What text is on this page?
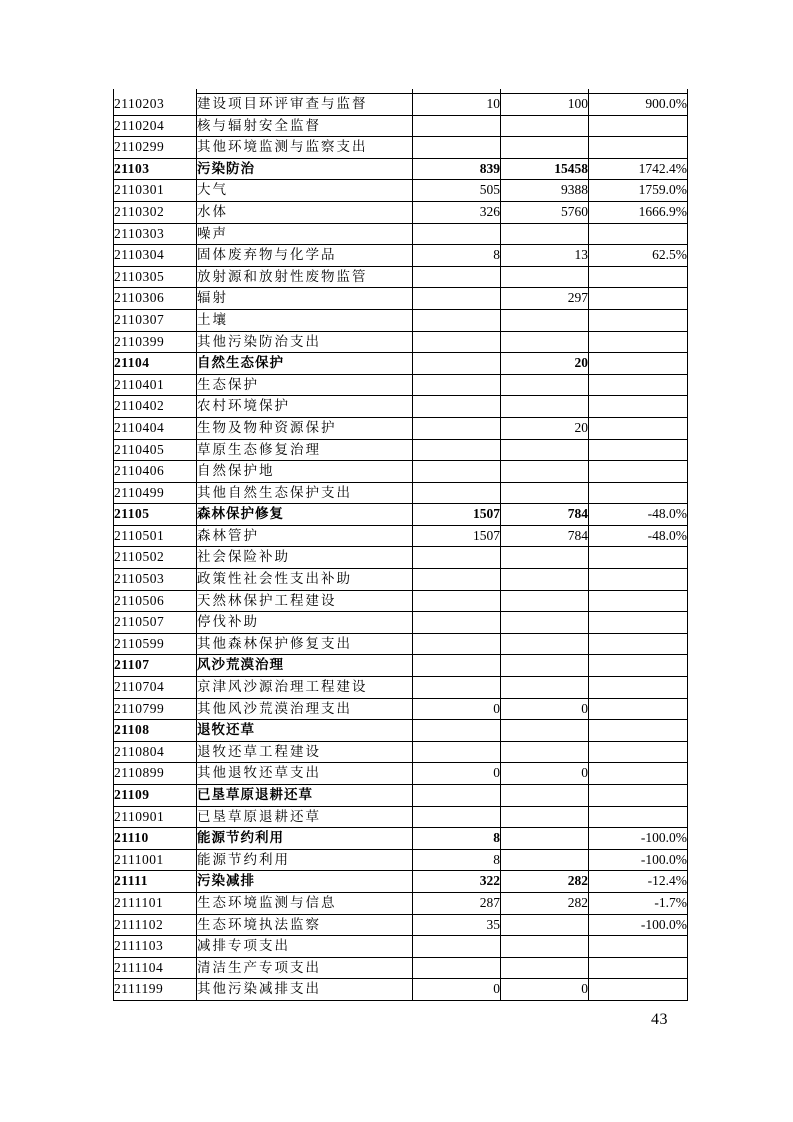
2110203	建设项目环评审查与监督	10	100	900.0%
2110204	核与辐射安全监督			
2110299	其他环境监测与监察支出			
21103	污染防治	839	15458	1742.4%
2110301	大气	505	9388	1759.0%
2110302	水体	326	5760	1666.9%
2110303	噪声			
2110304	固体废弃物与化学品	8	13	62.5%
2110305	放射源和放射性废物监管			
2110306	辐射		297	
2110307	土壤			
2110399	其他污染防治支出			
21104	自然生态保护		20	
2110401	生态保护			
2110402	农村环境保护			
2110404	生物及物种资源保护		20	
2110405	草原生态修复治理			
2110406	自然保护地			
2110499	其他自然生态保护支出			
21105	森林保护修复	1507	784	-48.0%
2110501	森林管护	1507	784	-48.0%
2110502	社会保险补助			
2110503	政策性社会性支出补助			
2110506	天然林保护工程建设			
2110507	停伐补助			
2110599	其他森林保护修复支出			
21107	风沙荒漠治理			
2110704	京津风沙源治理工程建设			
2110799	其他风沙荒漠治理支出	0	0	
21108	退牧还草			
2110804	退牧还草工程建设			
2110899	其他退牧还草支出	0	0	
21109	已垦草原退耕还草			
2110901	已垦草原退耕还草			
21110	能源节约利用	8		-100.0%
2111001	能源节约利用	8		-100.0%
21111	污染减排	322	282	-12.4%
2111101	生态环境监测与信息	287	282	-1.7%
2111102	生态环境执法监察	35		-100.0%
2111103	减排专项支出			
2111104	清洁生产专项支出			
2111199	其他污染减排支出	0	0	
43
